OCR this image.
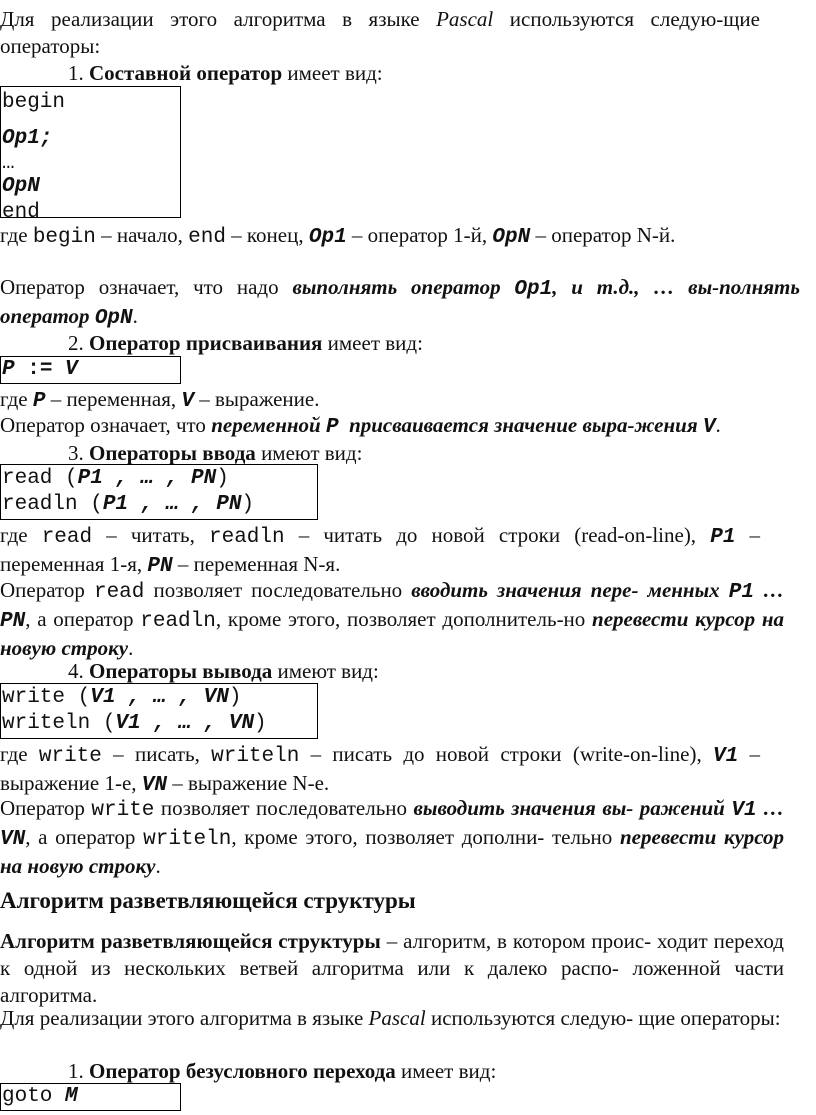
Для реализации этого алгоритма в языке Pascal используются следую-щие операторы:

1. Составной оператор имеет вид:

begin
Op1;
…
OpN
end

где begin – начало, end – конец, Op1 – оператор 1-й, OpN – оператор N-й.

Оператор означает, что надо выполнять оператор Op1, и т.д., … вы-полнять оператор OpN.

2. Оператор присваивания имеет вид:

P := V

где P – переменная, V – выражение.

Оператор означает, что переменной P  присваивается значение выра-жения V.

3. Операторы ввода имеют вид:

read (P1 , … , PN)
readln (P1 , … , PN)

где read – читать, readln – читать до новой строки (read-on-line), P1 – переменная 1-я, PN – переменная N-я.

Оператор read позволяет последовательно вводить значения пере- менных P1 … PN, а оператор readln, кроме этого, позволяет дополнитель-но перевести курсор на новую строку.

4. Операторы вывода имеют вид:

write (V1 , … , VN)
writeln (V1 , … , VN)

где write – писать, writeln – писать до новой строки (write-on-line), V1 – выражение 1-е, VN – выражение N-е.

Оператор write позволяет последовательно выводить значения вы- ражений V1 … VN, а оператор writeln, кроме этого, позволяет дополни- тельно перевести курсор на новую строку.

Алгоритм разветвляющейся структуры

Алгоритм разветвляющейся структуры – алгоритм, в котором проис- ходит переход к одной из нескольких ветвей алгоритма или к далеко распо- ложенной части алгоритма.

Для реализации этого алгоритма в языке Pascal используются следую- щие операторы:

1. Оператор безусловного перехода имеет вид:

goto M
